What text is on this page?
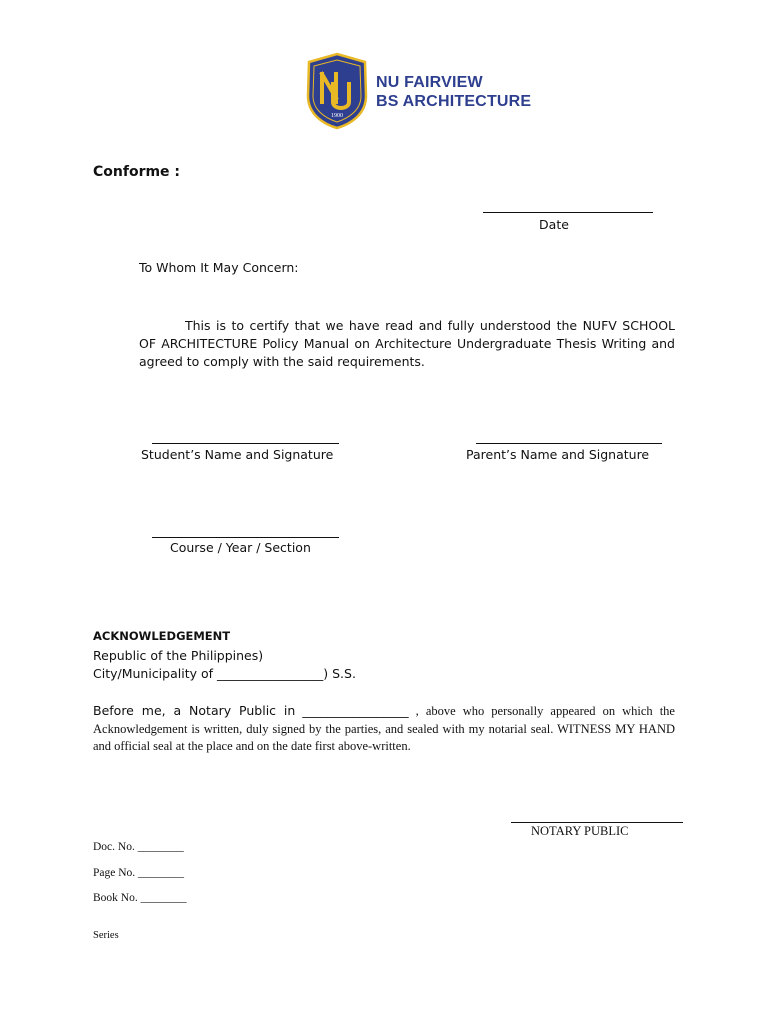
1900
NU FAIRVIEW
BS ARCHITECTURE
Conforme :
Date
To Whom It May Concern:
This is to certify that we have read and fully understood the NUFV SCHOOL OF ARCHITECTURE Policy Manual on Architecture Undergraduate Thesis Writing and agreed to comply with the said requirements.
Student’s Name and Signature	Parent’s Name and Signature
Course / Year / Section
ACKNOWLEDGEMENT
Republic of the Philippines)
City/Municipality of _________________) S.S.
Before me, a Notary Public in _________________ , above who personally appeared on which the Acknowledgement is written, duly signed by the parties, and sealed with my notarial seal. WITNESS MY HAND and official seal at the place and on the date first above-written.
NOTARY PUBLIC
Doc. No. ________
Page No. ________
Book No. ________
Series
